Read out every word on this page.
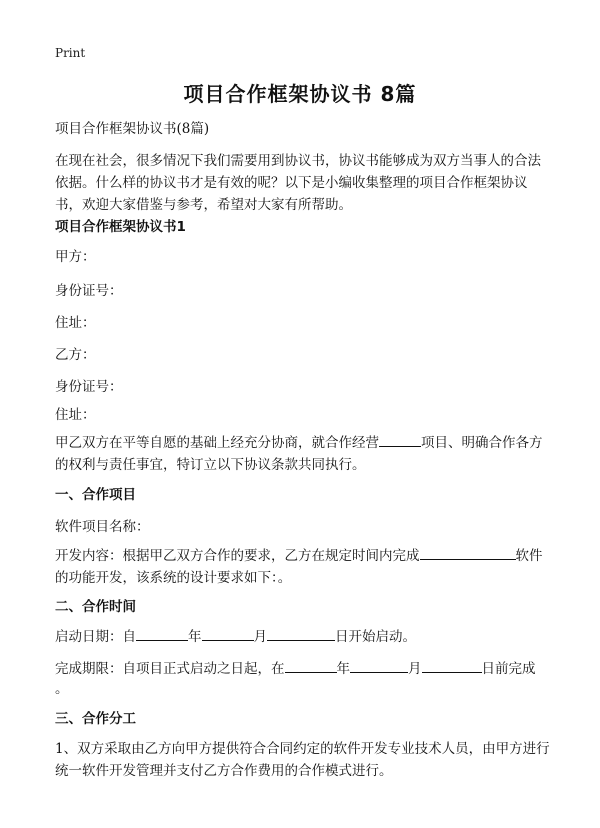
Print
项目合作框架协议书 8篇
项目合作框架协议书(8篇)
在现在社会，很多情况下我们需要用到协议书，协议书能够成为双方当事人的合法依据。什么样的协议书才是有效的呢？以下是小编收集整理的项目合作框架协议书，欢迎大家借鉴与参考，希望对大家有所帮助。
项目合作框架协议书1
甲方：
身份证号：
住址：
乙方：
身份证号：
住址：
甲乙双方在平等自愿的基础上经充分协商，就合作经营	项目、明确合作各方的权利与责任事宜，特订立以下协议条款共同执行。
一、合作项目
软件项目名称：
开发内容：根据甲乙双方合作的要求，乙方在规定时间内完成	软件的功能开发，该系统的设计要求如下：。
二、合作时间
启动日期：自	年	月	日开始启动。
完成期限：自项目正式启动之日起，在	年	月	日前完成
。
三、合作分工
1、双方采取由乙方向甲方提供符合合同约定的软件开发专业技术人员，由甲方进行统一软件开发管理并支付乙方合作费用的合作模式进行。
